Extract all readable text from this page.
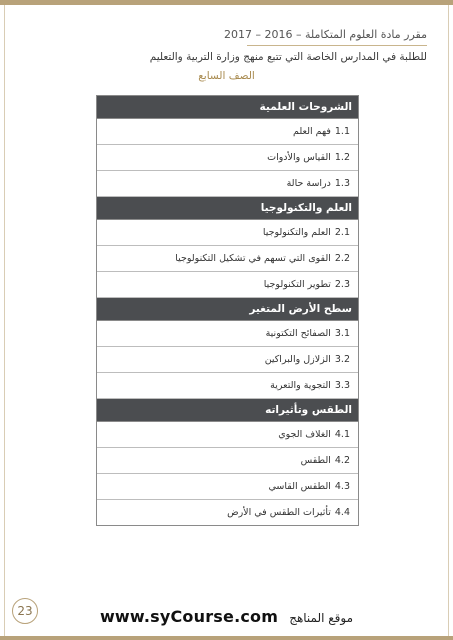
مقرر مادة العلوم المتكاملة – 2016 – 2017
للطلبة في المدارس الخاصة التي تتبع منهج وزارة التربية والتعليم
الصف السابع
الشروحات العلمية
1.1فهم العلم
1.2القياس والأدوات
1.3دراسة حالة
العلم والتكنولوجيا
2.1العلم والتكنولوجيا
2.2القوى التي تسهم في تشكيل التكنولوجيا
2.3تطوير التكنولوجيا
سطح الأرض المتغير
3.1الصفائح التكتونية
3.2الزلازل والبراكين
3.3التجوية والتعرية
الطقس وتأثيراته
4.1الغلاف الجوي
4.2الطقس
4.3الطقس القاسي
4.4تأثيرات الطقس في الأرض
23	www.syCourse.com موقع المناهج
